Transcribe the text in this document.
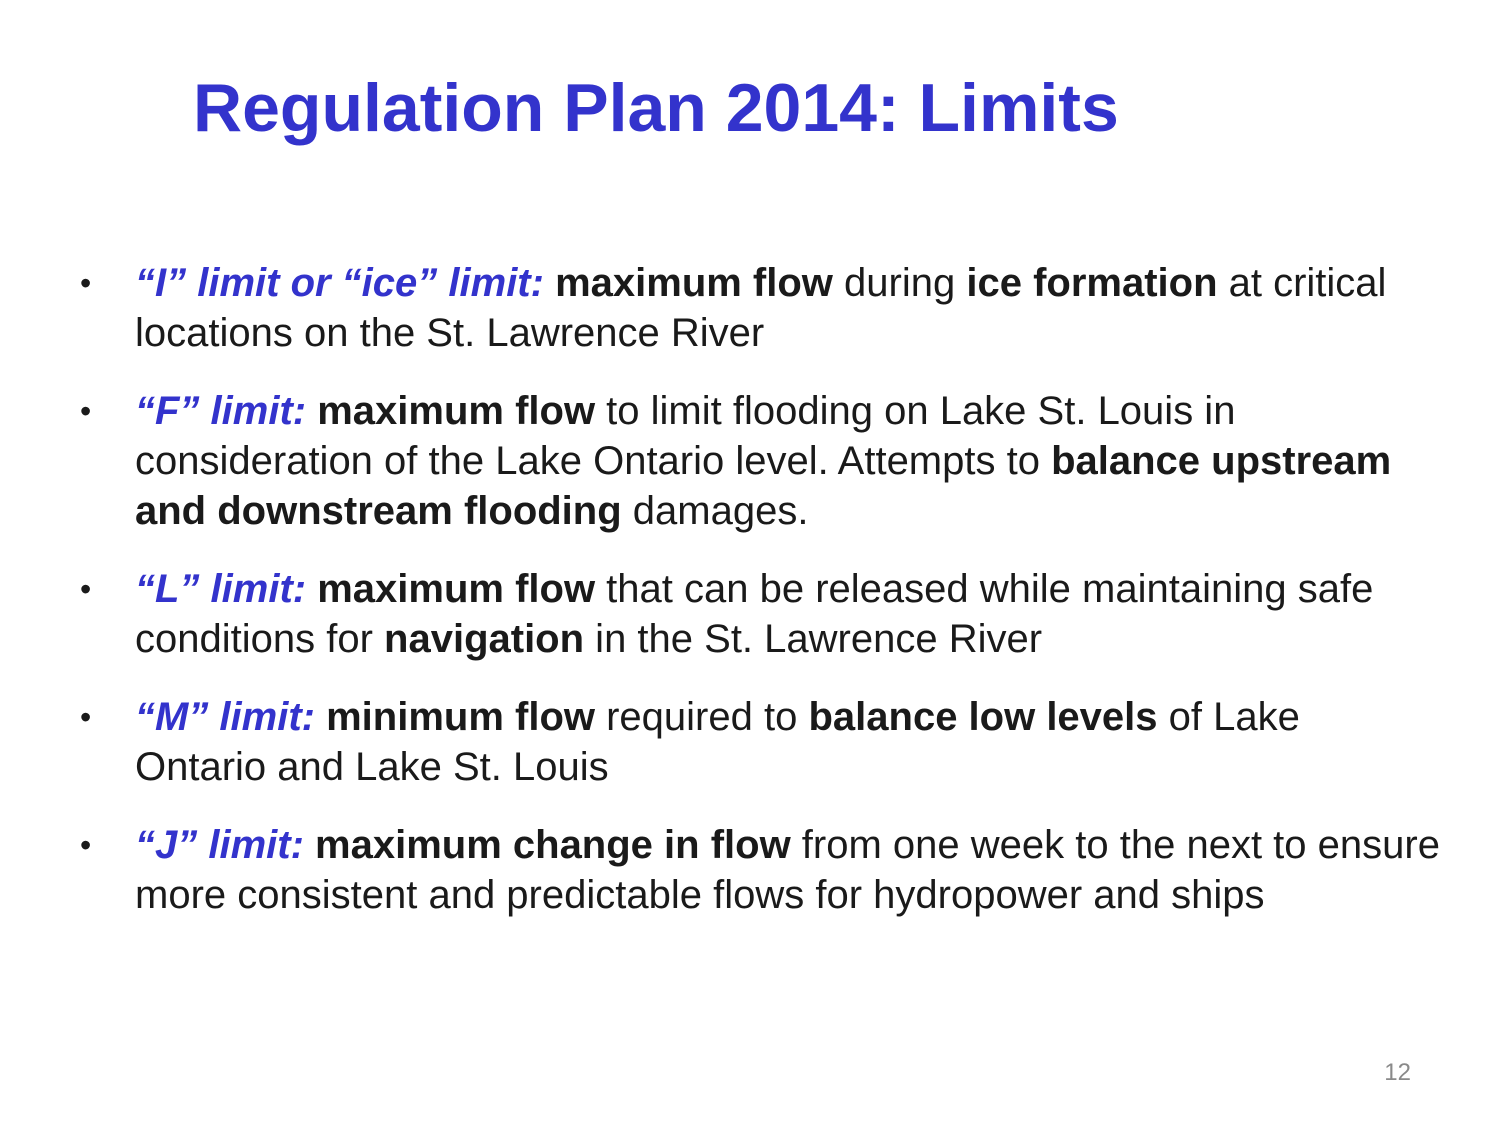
Regulation Plan 2014: Limits
• “I” limit or “ice” limit: maximum flow during ice formation at critical locations on the St. Lawrence River
• “F” limit: maximum flow to limit flooding on Lake St. Louis in consideration of the Lake Ontario level. Attempts to balance upstream and downstream flooding damages.
• “L” limit: maximum flow that can be released while maintaining safe conditions for navigation in the St. Lawrence River
• “M” limit: minimum flow required to balance low levels of Lake Ontario and Lake St. Louis
• “J” limit: maximum change in flow from one week to the next to ensure more consistent and predictable flows for hydropower and ships
12
